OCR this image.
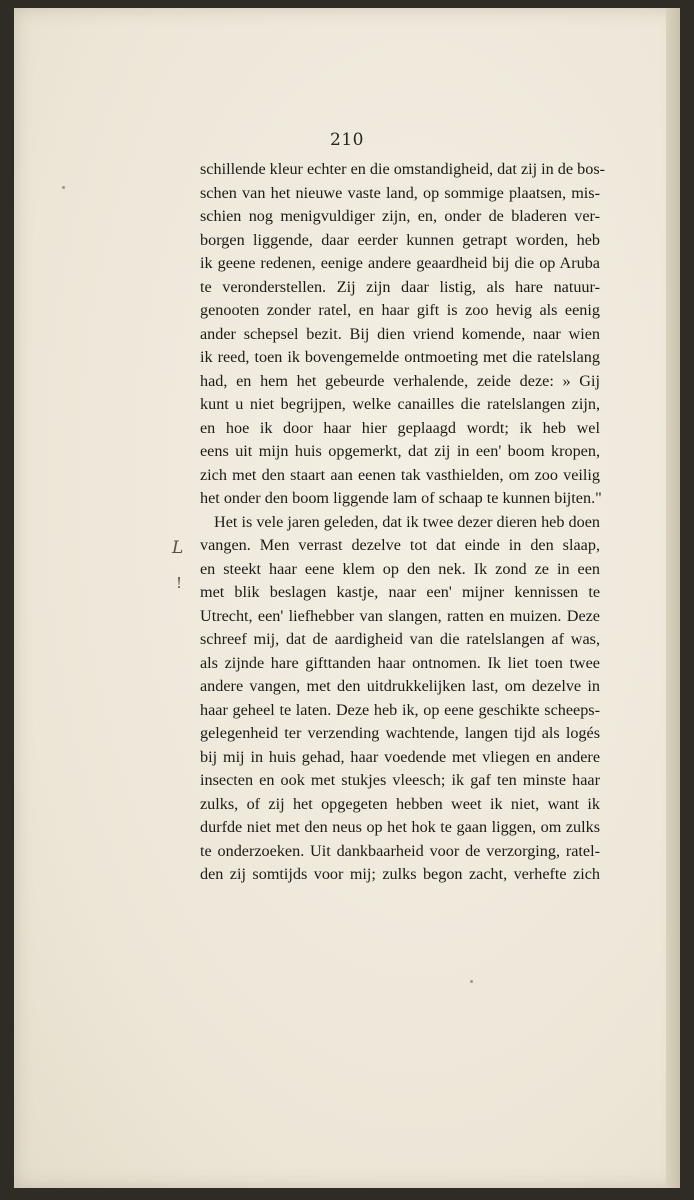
210
L
!
schillende kleur echter en die omstandigheid, dat zij in de bos-
schen van het nieuwe vaste land, op sommige plaatsen, mis-
schien nog menigvuldiger zijn, en, onder de bladeren ver-
borgen liggende, daar eerder kunnen getrapt worden, heb
ik geene redenen, eenige andere geaardheid bij die op Aruba
te veronderstellen. Zij zijn daar listig, als hare natuur-
genooten zonder ratel, en haar gift is zoo hevig als eenig
ander schepsel bezit. Bij dien vriend komende, naar wien
ik reed, toen ik bovengemelde ontmoeting met die ratelslang
had, en hem het gebeurde verhalende, zeide deze: » Gij
kunt u niet begrijpen, welke canailles die ratelslangen zijn,
en hoe ik door haar hier geplaagd wordt; ik heb wel
eens uit mijn huis opgemerkt, dat zij in een' boom kropen,
zich met den staart aan eenen tak vasthielden, om zoo veilig
het onder den boom liggende lam of schaap te kunnen bijten."
Het is vele jaren geleden, dat ik twee dezer dieren heb doen
vangen. Men verrast dezelve tot dat einde in den slaap,
en steekt haar eene klem op den nek. Ik zond ze in een
met blik beslagen kastje, naar een' mijner kennissen te
Utrecht, een' liefhebber van slangen, ratten en muizen. Deze
schreef mij, dat de aardigheid van die ratelslangen af was,
als zijnde hare gifttanden haar ontnomen. Ik liet toen twee
andere vangen, met den uitdrukkelijken last, om dezelve in
haar geheel te laten. Deze heb ik, op eene geschikte scheeps-
gelegenheid ter verzending wachtende, langen tijd als logés
bij mij in huis gehad, haar voedende met vliegen en andere
insecten en ook met stukjes vleesch; ik gaf ten minste haar
zulks, of zij het opgegeten hebben weet ik niet, want ik
durfde niet met den neus op het hok te gaan liggen, om zulks
te onderzoeken. Uit dankbaarheid voor de verzorging, ratel-
den zij somtijds voor mij; zulks begon zacht, verhefte zich
